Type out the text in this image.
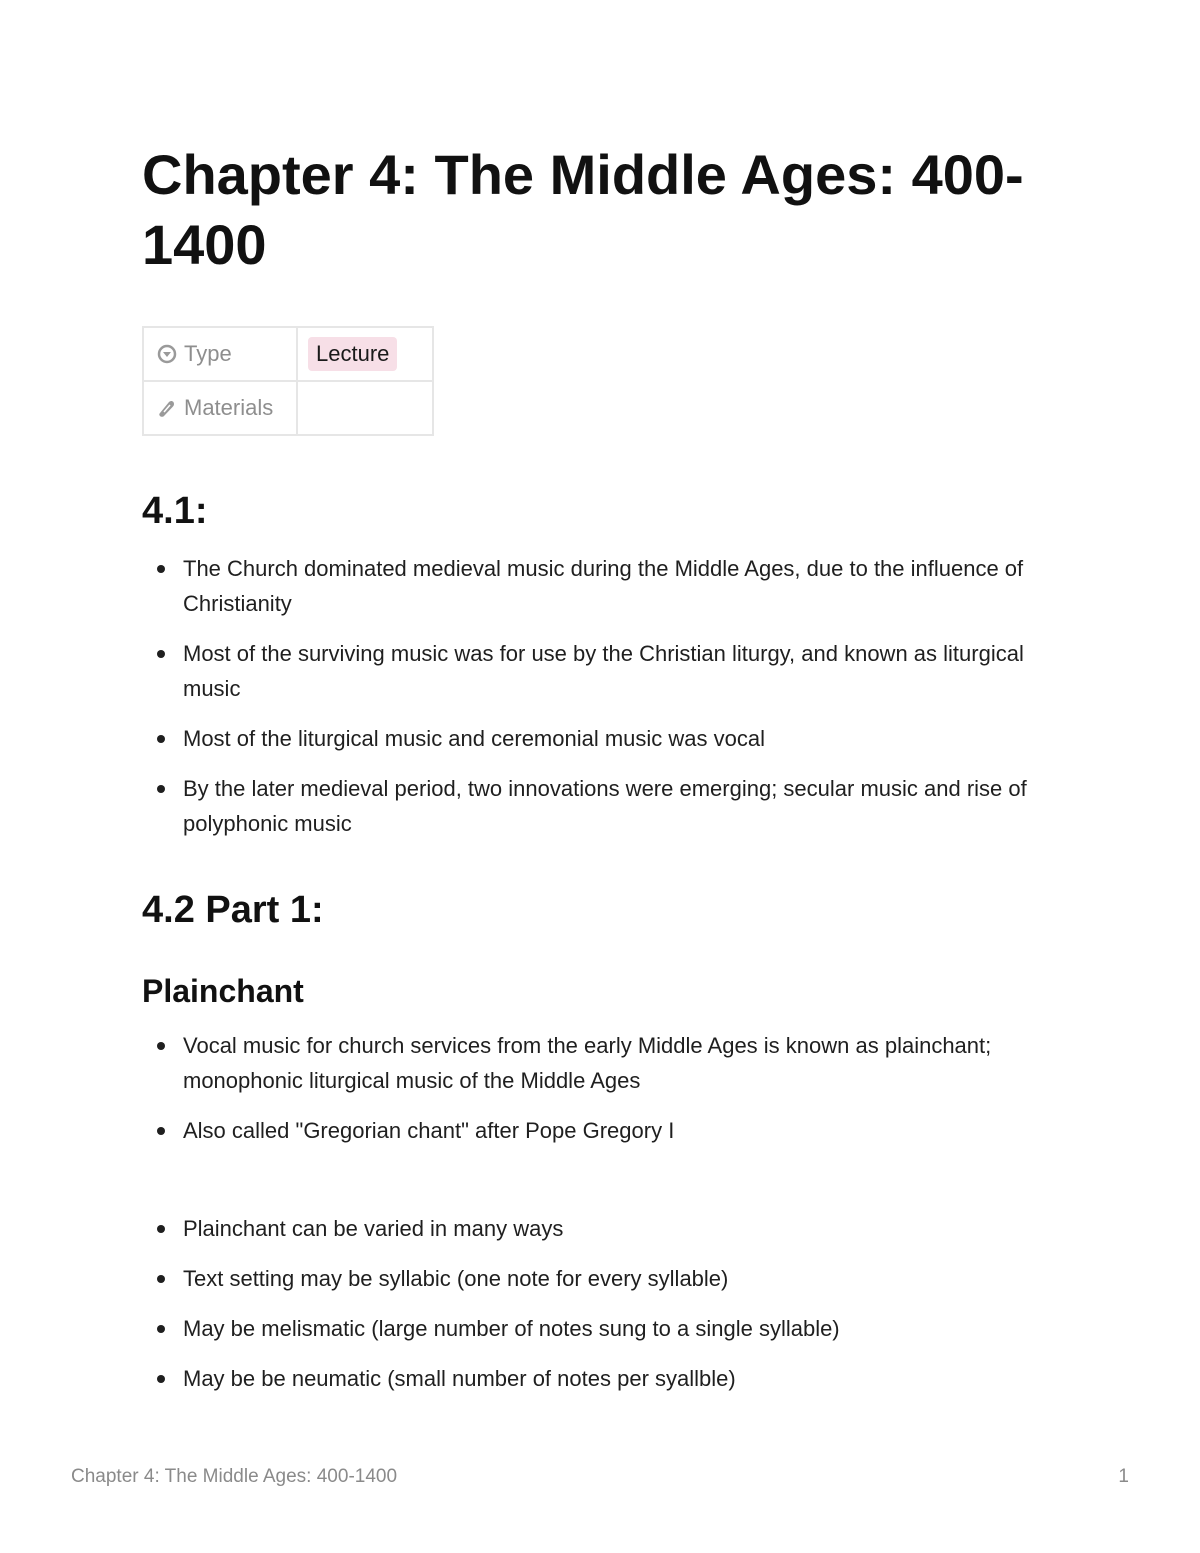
Chapter 4: The Middle Ages: 400-1400
Type	Lecture
Materials	
4.1:
The Church dominated medieval music during the Middle Ages, due to the influence of Christianity
Most of the surviving music was for use by the Christian liturgy, and known as liturgical music
Most of the liturgical music and ceremonial music was vocal
By the later medieval period, two innovations were emerging; secular music and rise of polyphonic music
4.2 Part 1:
Plainchant
Vocal music for church services from the early Middle Ages is known as plainchant; monophonic liturgical music of the Middle Ages
Also called "Gregorian chant" after Pope Gregory I
Plainchant can be varied in many ways
Text setting may be syllabic (one note for every syllable)
May be melismatic (large number of notes sung to a single syllable)
May be be neumatic (small number of notes per syallble)
Chapter 4: The Middle Ages: 400-1400	1
